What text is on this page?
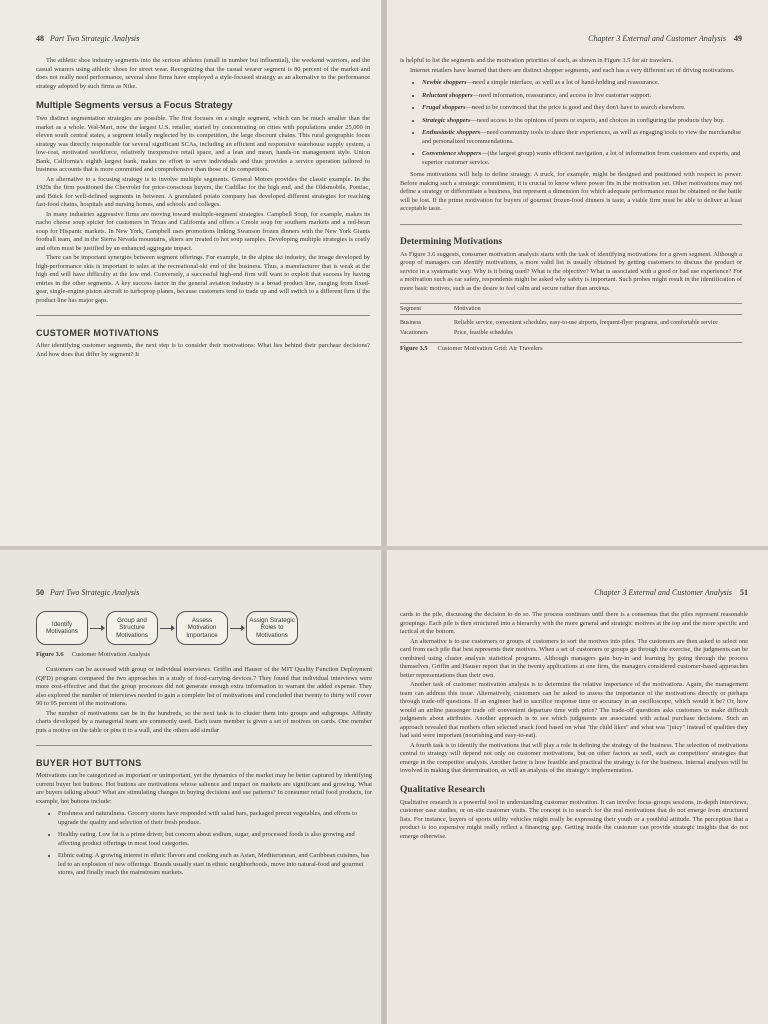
48 Part Two Strategic Analysis

The athletic shoe industry segments into the serious athletes (small in number but influential), the weekend warriors, and the casual wearers using athletic shoes for street wear. Recognizing that the casual wearer segment is 80 percent of the market and does not really need performance, several shoe firms have employed a style-focused strategy as an alternative to the performance strategy adopted by such firms as Nike.

Multiple Segments versus a Focus Strategy

Two distinct segmentation strategies are possible. The first focuses on a single segment, which can be much smaller than the market as a whole. Wal-Mart, now the largest U.S. retailer, started by concentrating on cities with populations under 25,000 in eleven south central states, a segment totally neglected by its competition, the large discount chains. This rural geographic focus strategy was directly responsible for several significant SCAs, including an efficient and responsive warehouse supply system, a low-cost, motivated workforce, relatively inexpensive retail space, and a lean and mean, hands-on management style. Union Bank, California's eighth largest bank, makes no effort to serve individuals and thus provides a service operation tailored to business accounts that is more committed and comprehensive than those of its competitors.

An alternative to a focusing strategy is to involve multiple segments. General Motors provides the classic example. In the 1920s the firm positioned the Chevrolet for price-conscious buyers, the Cadillac for the high end, and the Oldsmobile, Pontiac, and Buick for well-defined segments in between. A granulated potato company has developed different strategies for reaching fast-food chains, hospitals and nursing homes, and schools and colleges.

In many industries aggressive firms are moving toward multiple-segment strategies. Campbell Soup, for example, makes its nacho cheese soup spicier for customers in Texas and California and offers a Creole soup for southern markets and a red-bean soup for Hispanic markets. In New York, Campbell uses promotions linking Swanson frozen dinners with the New York Giants football team, and in the Sierra Nevada mountains, skiers are treated to hot soup samples. Developing multiple strategies is costly and often must be justified by an enhanced aggregate impact.

There can be important synergies between segment offerings. For example, in the alpine ski industry, the image developed by high-performance skis is important to sales at the recreational-ski end of the business. Thus, a manufacturer that is weak at the high end will have difficulty at the low end. Conversely, a successful high-end firm will want to exploit that success by having entries in the other segments. A key success factor in the general aviation industry is a broad product line, ranging from fixed-gear, single-engine piston aircraft to turboprop planes, because customers tend to trade up and will switch to a different firm if the product line has major gaps.

CUSTOMER MOTIVATIONS

After identifying customer segments, the next step is to consider their motivations: What lies behind their purchase decisions? And how does that differ by segment? It

Chapter 3 External and Customer Analysis 49

is helpful to list the segments and the motivation priorities of each, as shown in Figure 3.5 for air travelers.

Internet retailers have learned that there are distinct shopper segments, and each has a very different set of driving motivations.

• Newbie shoppers—need a simple interface, as well as a lot of hand-holding and reassurance.
• Reluctant shoppers—need information, reassurance, and access to live customer support.
• Frugal shoppers—need to be convinced that the price is good and they don't have to search elsewhere.
• Strategic shoppers—need access to the opinions of peers or experts, and choices in configuring the products they buy.
• Enthusiastic shoppers—need community tools to share their experiences, as well as engaging tools to view the merchandise and personalized recommendations.
• Convenience shoppers—(the largest group) wants efficient navigation, a lot of information from customers and experts, and superior customer service.

Some motivations will help to define strategy. A truck, for example, might be designed and positioned with respect to power. Before making such a strategic commitment, it is crucial to know where power fits in the motivation set. Other motivations may not define a strategy or differentiate a business, but represent a dimension for which adequate performance must be obtained or the battle will be lost. If the prime motivation for buyers of gourmet frozen-food dinners is taste, a viable firm must be able to deliver at least acceptable taste.

Determining Motivations

As Figure 3.6 suggests, consumer motivation analysis starts with the task of identifying motivations for a given segment. Although a group of managers can identify motivations, a more valid list is usually obtained by getting customers to discuss the product or service in a systematic way. Why is it being used? What is the objective? What is associated with a good or bad use experience? For a motivation such as car safety, respondents might be asked why safety is important. Such probes might result in the identification of more basic motives, such as the desire to feel calm and secure rather than anxious.

Segment	Motivation
Business	Reliable service, convenient schedules, easy-to-use airports, frequent-flyer programs, and comfortable service
Vacationers	Price, feasible schedules
Figure 3.5 Customer Motivation Grid: Air Travelers
50 Part Two Strategic Analysis
Identify Motivations
Group and Structure Motivations
Assess Motivation Importance
Assign Strategic Roles to Motivations
Figure 3.6 Customer Motivation Analysis

Customers can be accessed with group or individual interviews. Griffin and Hauser of the MIT Quality Function Deployment (QFD) program compared the two approaches in a study of food-carrying devices.7 They found that individual interviews were more cost-effective and that the group processes did not generate enough extra information to warrant the added expense. They also explored the number of interviews needed to gain a complete list of motivations and concluded that twenty to thirty will cover 90 to 95 percent of the motivations.

The number of motivations can be in the hundreds, so the next task is to cluster them into groups and subgroups. Affinity charts developed by a managerial team are commonly used. Each team member is given a set of motives on cards. One member puts a motive on the table or pins it to a wall, and the others add similar

BUYER HOT BUTTONS

Motivations can be categorized as important or unimportant, yet the dynamics of the market may be better captured by identifying current buyer hot buttons. Hot buttons are motivations whose salience and impact on markets are significant and growing. What are buyers talking about? What are stimulating changes in buying decisions and use patterns? In consumer retail food products, for example, hot buttons include:

• Freshness and naturalness. Grocery stores have responded with salad bars, packaged precut vegetables, and efforts to upgrade the quality and selection of their fresh produce.
• Healthy eating. Low fat is a prime driver, but concern about sodium, sugar, and processed foods is also growing and affecting product offerings in most food categories.
• Ethnic eating. A growing interest in ethnic flavors and cooking such as Asian, Mediterranean, and Caribbean cuisines, has led to an explosion of new offerings. Brands usually start in ethnic neighborhoods, move into natural-food and gourmet stores, and finally reach the mainstream markets.
Chapter 3 External and Customer Analysis 51

cards to the pile, discussing the decision to do so. The process continues until there is a consensus that the piles represent reasonable groupings. Each pile is then structured into a hierarchy with the more general and strategic motives at the top and the more specific and tactical at the bottom.

An alternative is to use customers or groups of customers to sort the motives into piles. The customers are then asked to select one card from each pile that best represents their motives. When a set of customers or groups go through the exercise, the judgments can be combined using cluster analysis statistical programs. Although managers gain buy-in and learning by going through the process themselves, Griffin and Hauser report that in the twenty applications at one firm, the managers considered customer-based approaches better representations than their own.

Another task of customer motivation analysis is to determine the relative importance of the motivations. Again, the management team can address this issue. Alternatively, customers can be asked to assess the importance of the motivations directly or perhaps through trade-off questions. If an engineer had to sacrifice response time or accuracy in an oscilloscope, which would it be? Or, how would an airline passenger trade off convenient departure time with price? The trade-off questions asks customers to make difficult judgments about attributes. Another approach is to see which judgments are associated with actual purchase decisions. Such an approach revealed that mothers often selected snack food based on what "the child likes" and what was "juicy" instead of qualities they had said were important (nourishing and easy-to-eat).

A fourth task is to identify the motivations that will play a role in defining the strategy of the business. The selection of motivations central to strategy will depend not only on customer motivations, but on other factors as well, such as competitors' strategies that emerge in the competitor analysis. Another factor is how feasible and practical the strategy is for the business. Internal analyses will be involved in making that determination, as will an analysis of the strategy's implementation.

Qualitative Research

Qualitative research is a powerful tool in understanding customer motivation. It can involve focus-groups sessions, in-depth interviews, customer case studies, or on-site customer visits. The concept is to search for the real motivations that do not emerge from structured lists. For instance, buyers of sports utility vehicles might really be expressing their youth or a youthful attitude. The perception that a product is too expensive might really reflect a financing gap. Getting inside the customer can provide strategic insights that do not emerge otherwise.
